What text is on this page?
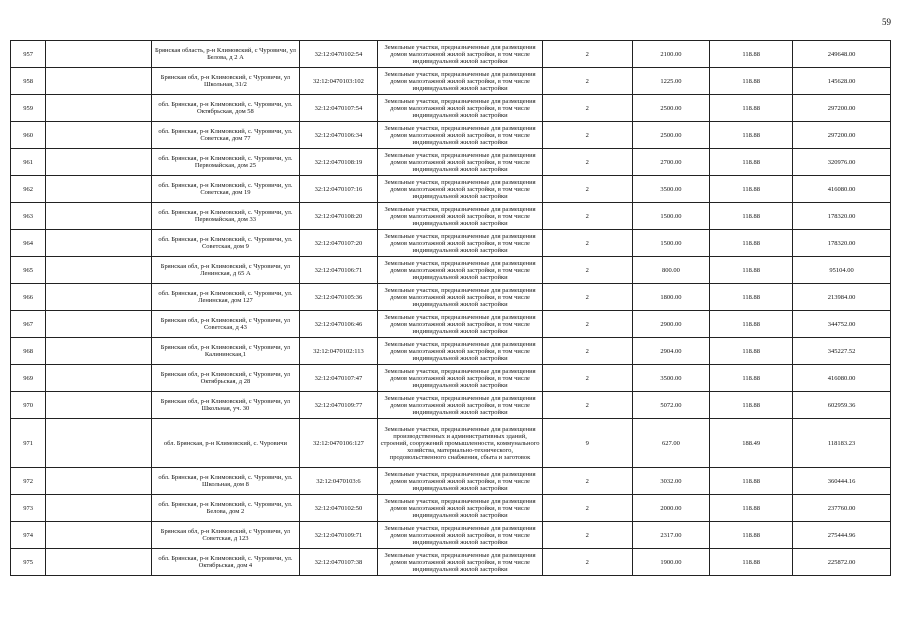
59
957		Брянская область, р-н Климовский, с Чуровичи, ул Белова, д 2 А	32:12:0470102:54	Земельные участки, предназначенные для размещения домов малоэтажной жилой застройки, в том числе индивидуальной жилой застройки	2	2100.00	118.88	249648.00
958		Брянская обл, р-н Климовский, с Чуровичи, ул Школьная, 31/2	32:12:0470103:102	Земельные участки, предназначенные для размещения домов малоэтажной жилой застройки, в том числе индивидуальной жилой застройки	2	1225.00	118.88	145628.00
959		обл. Брянская, р-н Климовский, с. Чуровичи, ул. Октябрьская, дом 58	32:12:0470107:54	Земельные участки, предназначенные для размещения домов малоэтажной жилой застройки, в том числе индивидуальной жилой застройки	2	2500.00	118.88	297200.00
960		обл. Брянская, р-н Климовский, с. Чуровичи, ул. Советская, дом 77	32:12:0470106:34	Земельные участки, предназначенные для размещения домов малоэтажной жилой застройки, в том числе индивидуальной жилой застройки	2	2500.00	118.88	297200.00
961		обл. Брянская, р-н Климовский, с. Чуровичи, ул. Первомайская, дом 25	32:12:0470108:19	Земельные участки, предназначенные для размещения домов малоэтажной жилой застройки, в том числе индивидуальной жилой застройки	2	2700.00	118.88	320976.00
962		обл. Брянская, р-н Климовский, с. Чуровичи, ул. Советская, дом 19	32:12:0470107:16	Земельные участки, предназначенные для размещения домов малоэтажной жилой застройки, в том числе индивидуальной жилой застройки	2	3500.00	118.88	416080.00
963		обл. Брянская, р-н Климовский, с. Чуровичи, ул. Первомайская, дом 33	32:12:0470108:20	Земельные участки, предназначенные для размещения домов малоэтажной жилой застройки, в том числе индивидуальной жилой застройки	2	1500.00	118.88	178320.00
964		обл. Брянская, р-н Климовский, с. Чуровичи, ул. Советская, дом 9	32:12:0470107:20	Земельные участки, предназначенные для размещения домов малоэтажной жилой застройки, в том числе индивидуальной жилой застройки	2	1500.00	118.88	178320.00
965		Брянская обл, р-н Климовский, с Чуровичи, ул Ленинская, д 65 А	32:12:0470106:71	Земельные участки, предназначенные для размещения домов малоэтажной жилой застройки, в том числе индивидуальной жилой застройки	2	800.00	118.88	95104.00
966		обл. Брянская, р-н Климовский, с. Чуровичи, ул. Ленинская, дом 127	32:12:0470105:36	Земельные участки, предназначенные для размещения домов малоэтажной жилой застройки, в том числе индивидуальной жилой застройки	2	1800.00	118.88	213984.00
967		Брянская обл, р-н Климовский, с Чуровичи, ул Советская, д 43	32:12:0470106:46	Земельные участки, предназначенные для размещения домов малоэтажной жилой застройки, в том числе индивидуальной жилой застройки	2	2900.00	118.88	344752.00
968		Брянская обл, р-н Климовский, с Чуровичи, ул Калининская,1	32:12:0470102:113	Земельные участки, предназначенные для размещения домов малоэтажной жилой застройки, в том числе индивидуальной жилой застройки	2	2904.00	118.88	345227.52
969		Брянская обл, р-н Климовский, с Чуровичи, ул Октябрьская, д 28	32:12:0470107:47	Земельные участки, предназначенные для размещения домов малоэтажной жилой застройки, в том числе индивидуальной жилой застройки	2	3500.00	118.88	416080.00
970		Брянская обл, р-н Климовский, с Чуровичи, ул Школьная, уч. 30	32:12:0470109:77	Земельные участки, предназначенные для размещения домов малоэтажной жилой застройки, в том числе индивидуальной жилой застройки	2	5072.00	118.88	602959.36
971		обл. Брянская, р-н Климовский, с. Чуровичи	32:12:0470106:127	Земельные участки, предназначенные для размещения производственных и административных зданий, строений, сооружений промышленности, коммунального хозяйства, материально-технического, продовольственного снабжения, сбыта и заготовок	9	627.00	188.49	118183.23
972		обл. Брянская, р-н Климовский, с. Чуровичи, ул. Школьная, дом 8	32:12:0470103:6	Земельные участки, предназначенные для размещения домов малоэтажной жилой застройки, в том числе индивидуальной жилой застройки	2	3032.00	118.88	360444.16
973		обл. Брянская, р-н Климовский, с. Чуровичи, ул. Белова, дом 2	32:12:0470102:50	Земельные участки, предназначенные для размещения домов малоэтажной жилой застройки, в том числе индивидуальной жилой застройки	2	2000.00	118.88	237760.00
974		Брянская обл, р-н Климовский, с Чуровичи, ул Советская, д 123	32:12:0470109:71	Земельные участки, предназначенные для размещения домов малоэтажной жилой застройки, в том числе индивидуальной жилой застройки	2	2317.00	118.88	275444.96
975		обл. Брянская, р-н Климовский, с. Чуровичи, ул. Октябрьская, дом 4	32:12:0470107:38	Земельные участки, предназначенные для размещения домов малоэтажной жилой застройки, в том числе индивидуальной жилой застройки	2	1900.00	118.88	225872.00
